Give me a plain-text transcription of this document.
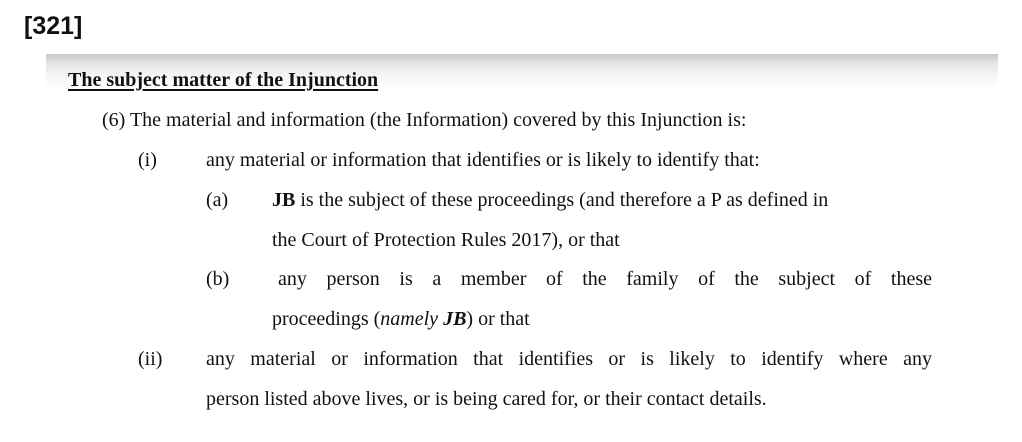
[321]
The subject matter of the Injunction
(6) The material and information (the Information) covered by this Injunction is:
(i) any material or information that identifies or is likely to identify that:
(a) JB is the subject of these proceedings (and therefore a P as defined in
the Court of Protection Rules 2017), or that
(b) any person is a member of the family of the subject of these
proceedings (namely JB) or that
(ii) any material or information that identifies or is likely to identify where any
person listed above lives, or is being cared for, or their contact details.
